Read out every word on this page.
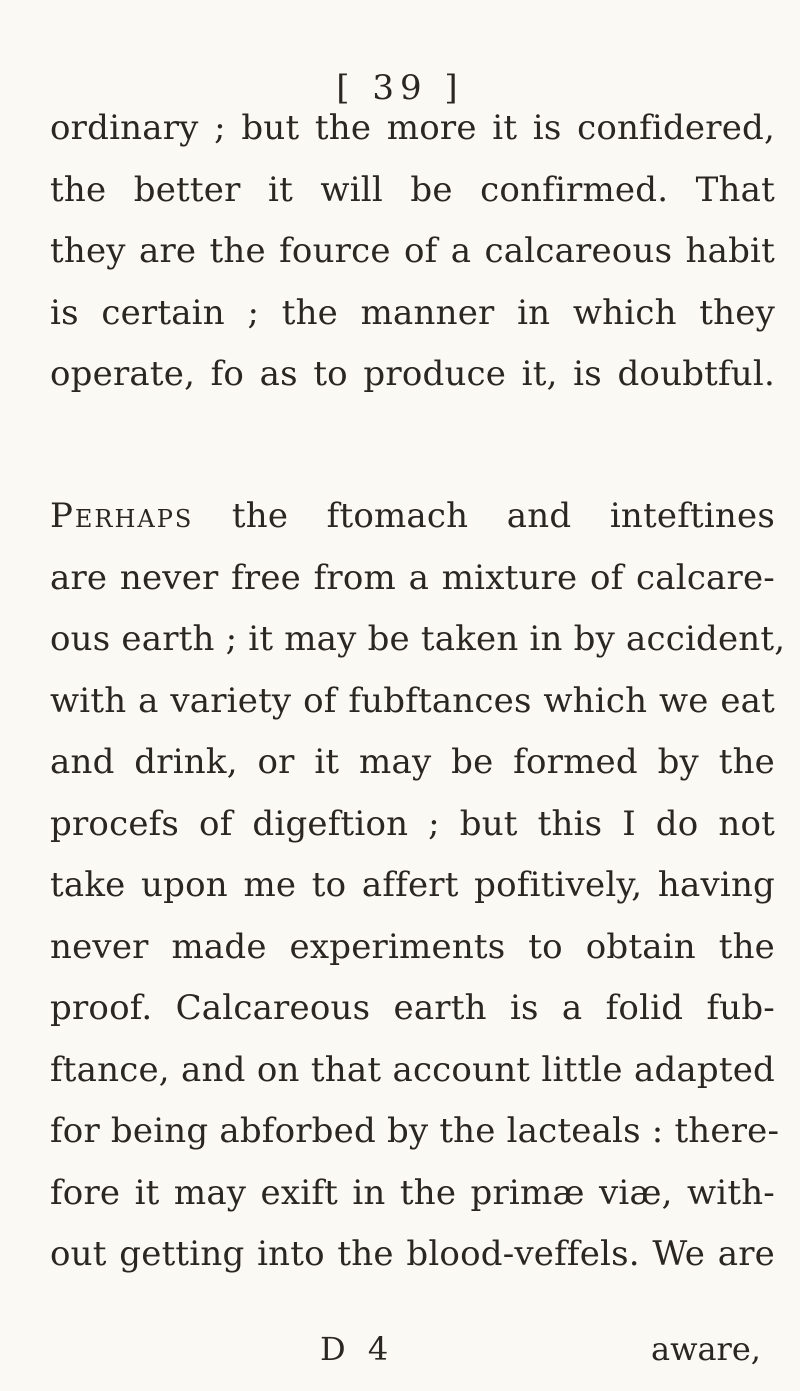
[ 39 ]
ordinary ; but the more it is confidered,
the better it will be confirmed. That
they are the fource of a calcareous habit
is certain ; the manner in which they
operate, fo as to produce it, is doubtful.
Perhaps the ftomach and inteftines
are never free from a mixture of calcare-
ous earth ; it may be taken in by accident,
with a variety of fubftances which we eat
and drink, or it may be formed by the
procefs of digeftion ; but this I do not
take upon me to affert pofitively, having
never made experiments to obtain the
proof. Calcareous earth is a folid fub-
ftance, and on that account little adapted
for being abforbed by the lacteals : there-
fore it may exift in the primæ viæ, with-
out getting into the blood-veffels. We are
D 4	aware,
